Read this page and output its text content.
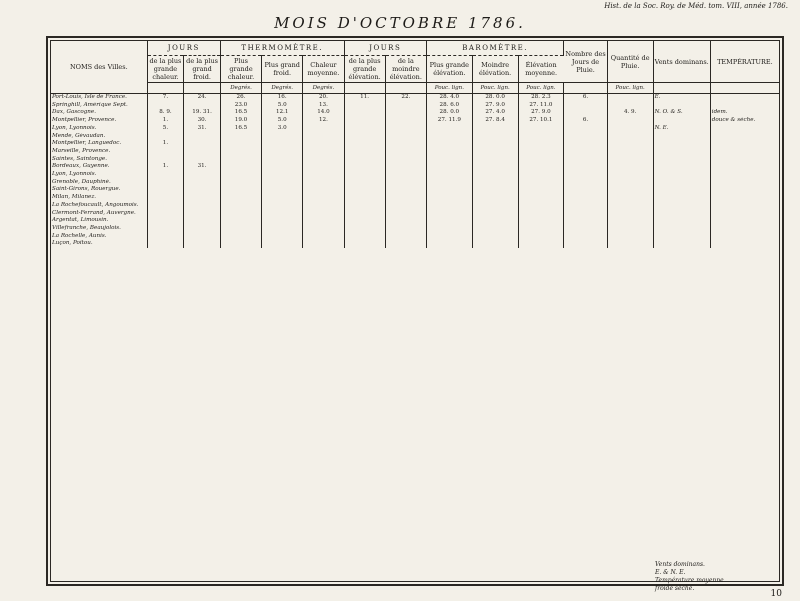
Hist. de la Soc. Roy. de Méd. tom. VIII, année 1786.
MOIS D'OCTOBRE 1786.
NOMS des Villes.	JOURS		THERMOMÈTRE.			JOURS		BAROMÈTRE.			Nombre des Jours de Pluie.	Quantité de Pluie.	Vents dominans.	TEMPÉRATURE.
	de la plus grande chaleur.	de la plus grand froid.	Plus grande chaleur.	Plus grand froid.	Chaleur moyenne.	de la plus grande élévation.	de la moindre élévation.	Plus grande élévation.	Moindre élévation.	Élévation moyenne.				
			Degrés.	Degrés.	Degrés.			Pouc. lign.	Pouc. lign.	Pouc. lign.		Pouc. lign.		
Port-Louis, Isle de France.	7.	24.	26.	16.	20.	11.	22.	28. 4.0	28. 0.0	28. 2.3	6.		E.	
Springhill, Amérique Sept.			23.0	5.0	13.			28. 6.0	27. 9.0	27. 11.0				
Dax, Gascogne.	8. 9.	19. 31.	16.5	12.1	14.0			28. 0.0	27. 4.0	27. 9.0		4. 9.	N. O. & S.	idem.
Montpellier, Provence.	1.	30.	19.0	5.0	12.			27. 11.9	27. 8.4	27. 10.1	6.			douce & sèche.
Lyon, Lyonnois.	5.	31.	16.5	3.0									N. E.	
Mende, Gévaudan.														
Montpellier, Languedoc.	1.													
Marseille, Provence.														
Saintes, Saintonge.														
Bordeaux, Guyenne.	1.	31.												
Lyon, Lyonnois.														
Grenoble, Dauphiné.														
Saint-Girons, Rouergue.														
Milan, Milanez.														
La Rochefoucault, Angoumois.														
Clermont-Ferrand, Auvergne.														
Argentat, Limousin.														
Villefranche, Beaujolois.														
La Rochelle, Aunis.														
Luçon, Poitou.														
Vents dominans.
E. & N. E.
Température moyenne
froide sèche.
10
